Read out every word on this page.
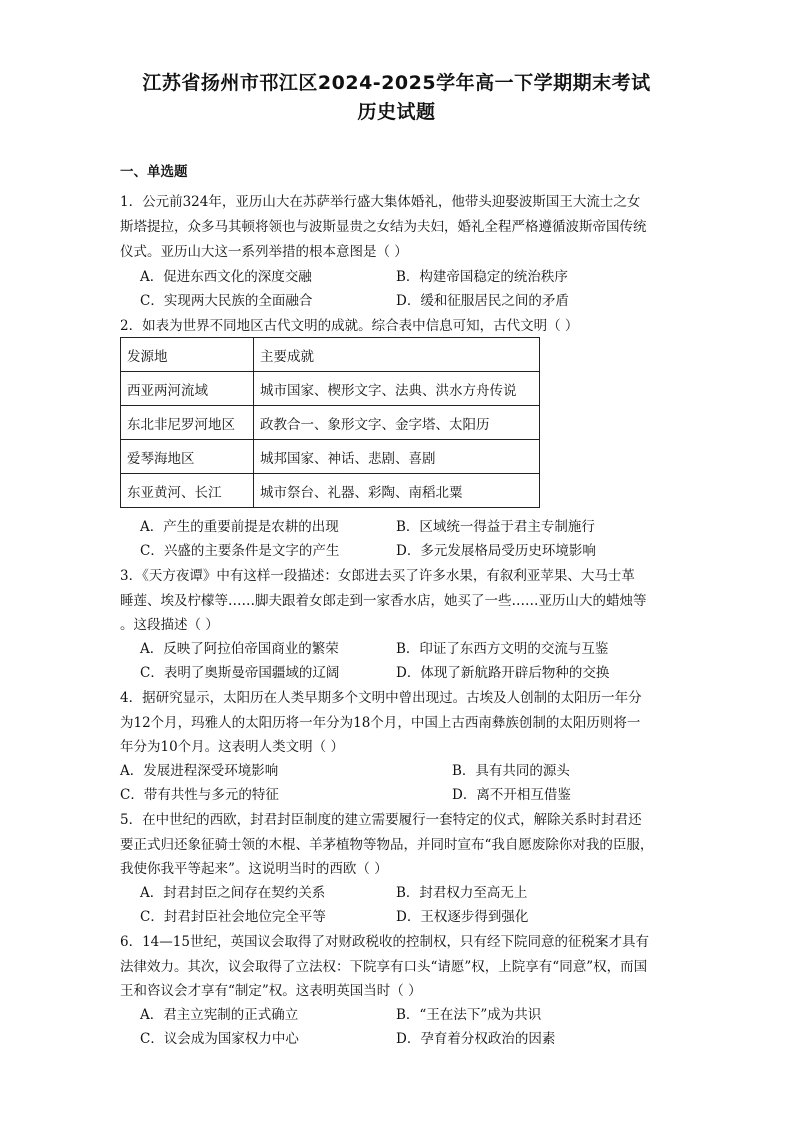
江苏省扬州市邗江区2024-2025学年高一下学期期末考试
历史试题
一、单选题
1．公元前324年，亚历山大在苏萨举行盛大集体婚礼，他带头迎娶波斯国王大流士之女
斯塔提拉，众多马其顿将领也与波斯显贵之女结为夫妇，婚礼全程严格遵循波斯帝国传统
仪式。亚历山大这一系列举措的根本意图是（ ）
A．促进东西文化的深度交融	B．构建帝国稳定的统治秩序
C．实现两大民族的全面融合	D．缓和征服居民之间的矛盾
2．如表为世界不同地区古代文明的成就。综合表中信息可知，古代文明（ ）
发源地	主要成就
西亚两河流域	城市国家、楔形文字、法典、洪水方舟传说
东北非尼罗河地区	政教合一、象形文字、金字塔、太阳历
爱琴海地区	城邦国家、神话、悲剧、喜剧
东亚黄河、长江	城市祭台、礼器、彩陶、南稻北粟
A．产生的重要前提是农耕的出现	B．区域统一得益于君主专制施行
C．兴盛的主要条件是文字的产生	D．多元发展格局受历史环境影响
3．《天方夜谭》中有这样一段描述：女郎进去买了许多水果，有叙利亚苹果、大马士革
睡莲、埃及柠檬等……脚夫跟着女郎走到一家香水店，她买了一些……亚历山大的蜡烛等
。这段描述（ ）
A．反映了阿拉伯帝国商业的繁荣	B．印证了东西方文明的交流与互鉴
C．表明了奥斯曼帝国疆域的辽阔	D．体现了新航路开辟后物种的交换
4．据研究显示，太阳历在人类早期多个文明中曾出现过。古埃及人创制的太阳历一年分
为12个月，玛雅人的太阳历将一年分为18个月，中国上古西南彝族创制的太阳历则将一
年分为10个月。这表明人类文明（ ）
A．发展进程深受环境影响	B．具有共同的源头
C．带有共性与多元的特征	D．离不开相互借鉴
5．在中世纪的西欧，封君封臣制度的建立需要履行一套特定的仪式，解除关系时封君还
要正式归还象征骑士领的木棍、羊茅植物等物品，并同时宣布“我自愿废除你对我的臣服，
我使你我平等起来”。这说明当时的西欧（ ）
A．封君封臣之间存在契约关系	B．封君权力至高无上
C．封君封臣社会地位完全平等	D．王权逐步得到强化
6．14—15世纪，英国议会取得了对财政税收的控制权，只有经下院同意的征税案才具有
法律效力。其次，议会取得了立法权：下院享有口头“请愿”权，上院享有“同意”权，而国
王和咨议会才享有“制定”权。这表明英国当时（ ）
A．君主立宪制的正式确立	B．“王在法下”成为共识
C．议会成为国家权力中心	D．孕育着分权政治的因素
